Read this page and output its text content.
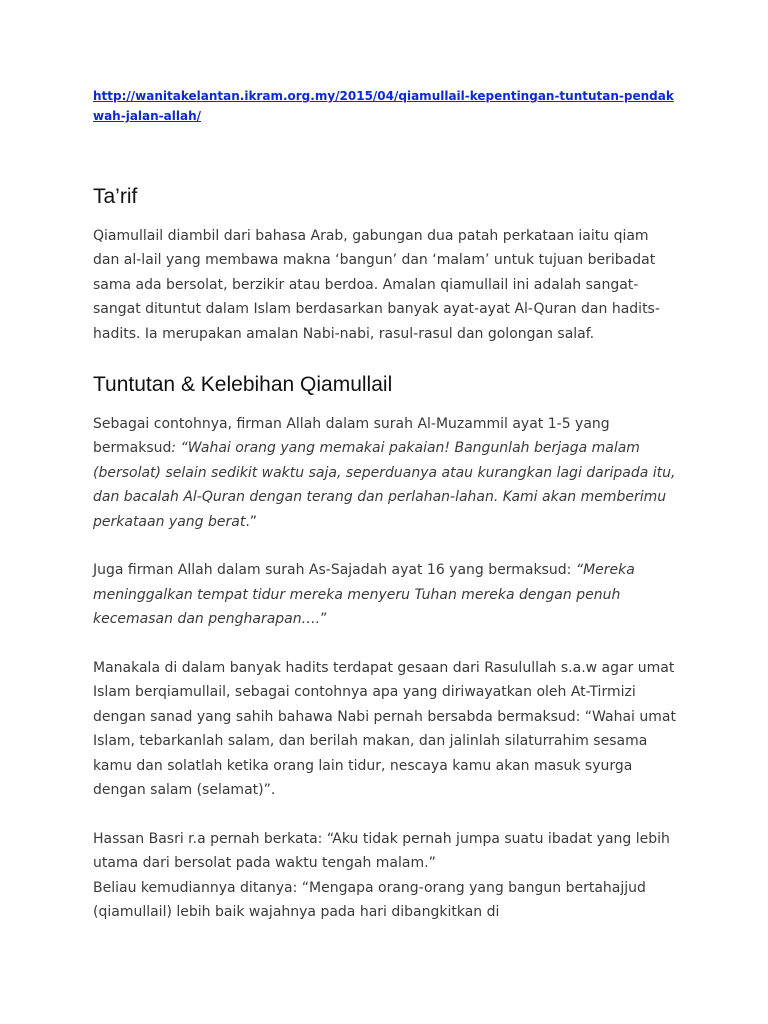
http://wanitakelantan.ikram.org.my/2015/04/qiamullail-kepentingan-tuntutan-pendakwah-jalan-allah/
Ta’rif

Qiamullail diambil dari bahasa Arab, gabungan dua patah perkataan iaitu qiam dan al-lail yang membawa makna ‘bangun’ dan ‘malam’ untuk tujuan beribadat sama ada bersolat, berzikir atau berdoa. Amalan qiamullail ini adalah sangat-sangat dituntut dalam Islam berdasarkan banyak ayat-ayat Al-Quran dan hadits-hadits. Ia merupakan amalan Nabi-nabi, rasul-rasul dan golongan salaf.

Tuntutan & Kelebihan Qiamullail

Sebagai contohnya, firman Allah dalam surah Al-Muzammil ayat 1-5 yang bermaksud: “Wahai orang yang memakai pakaian! Bangunlah berjaga malam (bersolat) selain sedikit waktu saja, seperduanya atau kurangkan lagi daripada itu, dan bacalah Al-Quran dengan terang dan perlahan-lahan. Kami akan memberimu perkataan yang berat.”

Juga firman Allah dalam surah As-Sajadah ayat 16 yang bermaksud: “Mereka meninggalkan tempat tidur mereka menyeru Tuhan mereka dengan penuh kecemasan dan pengharapan….”

Manakala di dalam banyak hadits terdapat gesaan dari Rasulullah s.a.w agar umat Islam berqiamullail, sebagai contohnya apa yang diriwayatkan oleh At-Tirmizi dengan sanad yang sahih bahawa Nabi pernah bersabda bermaksud: “Wahai umat Islam, tebarkanlah salam, dan berilah makan, dan jalinlah silaturrahim sesama kamu dan solatlah ketika orang lain tidur, nescaya kamu akan masuk syurga dengan salam (selamat)”.

Hassan Basri r.a pernah berkata: “Aku tidak pernah jumpa suatu ibadat yang lebih utama dari bersolat pada waktu tengah malam.”

Beliau kemudiannya ditanya: “Mengapa orang-orang yang bangun bertahajjud (qiamullail) lebih baik wajahnya pada hari dibangkitkan di
